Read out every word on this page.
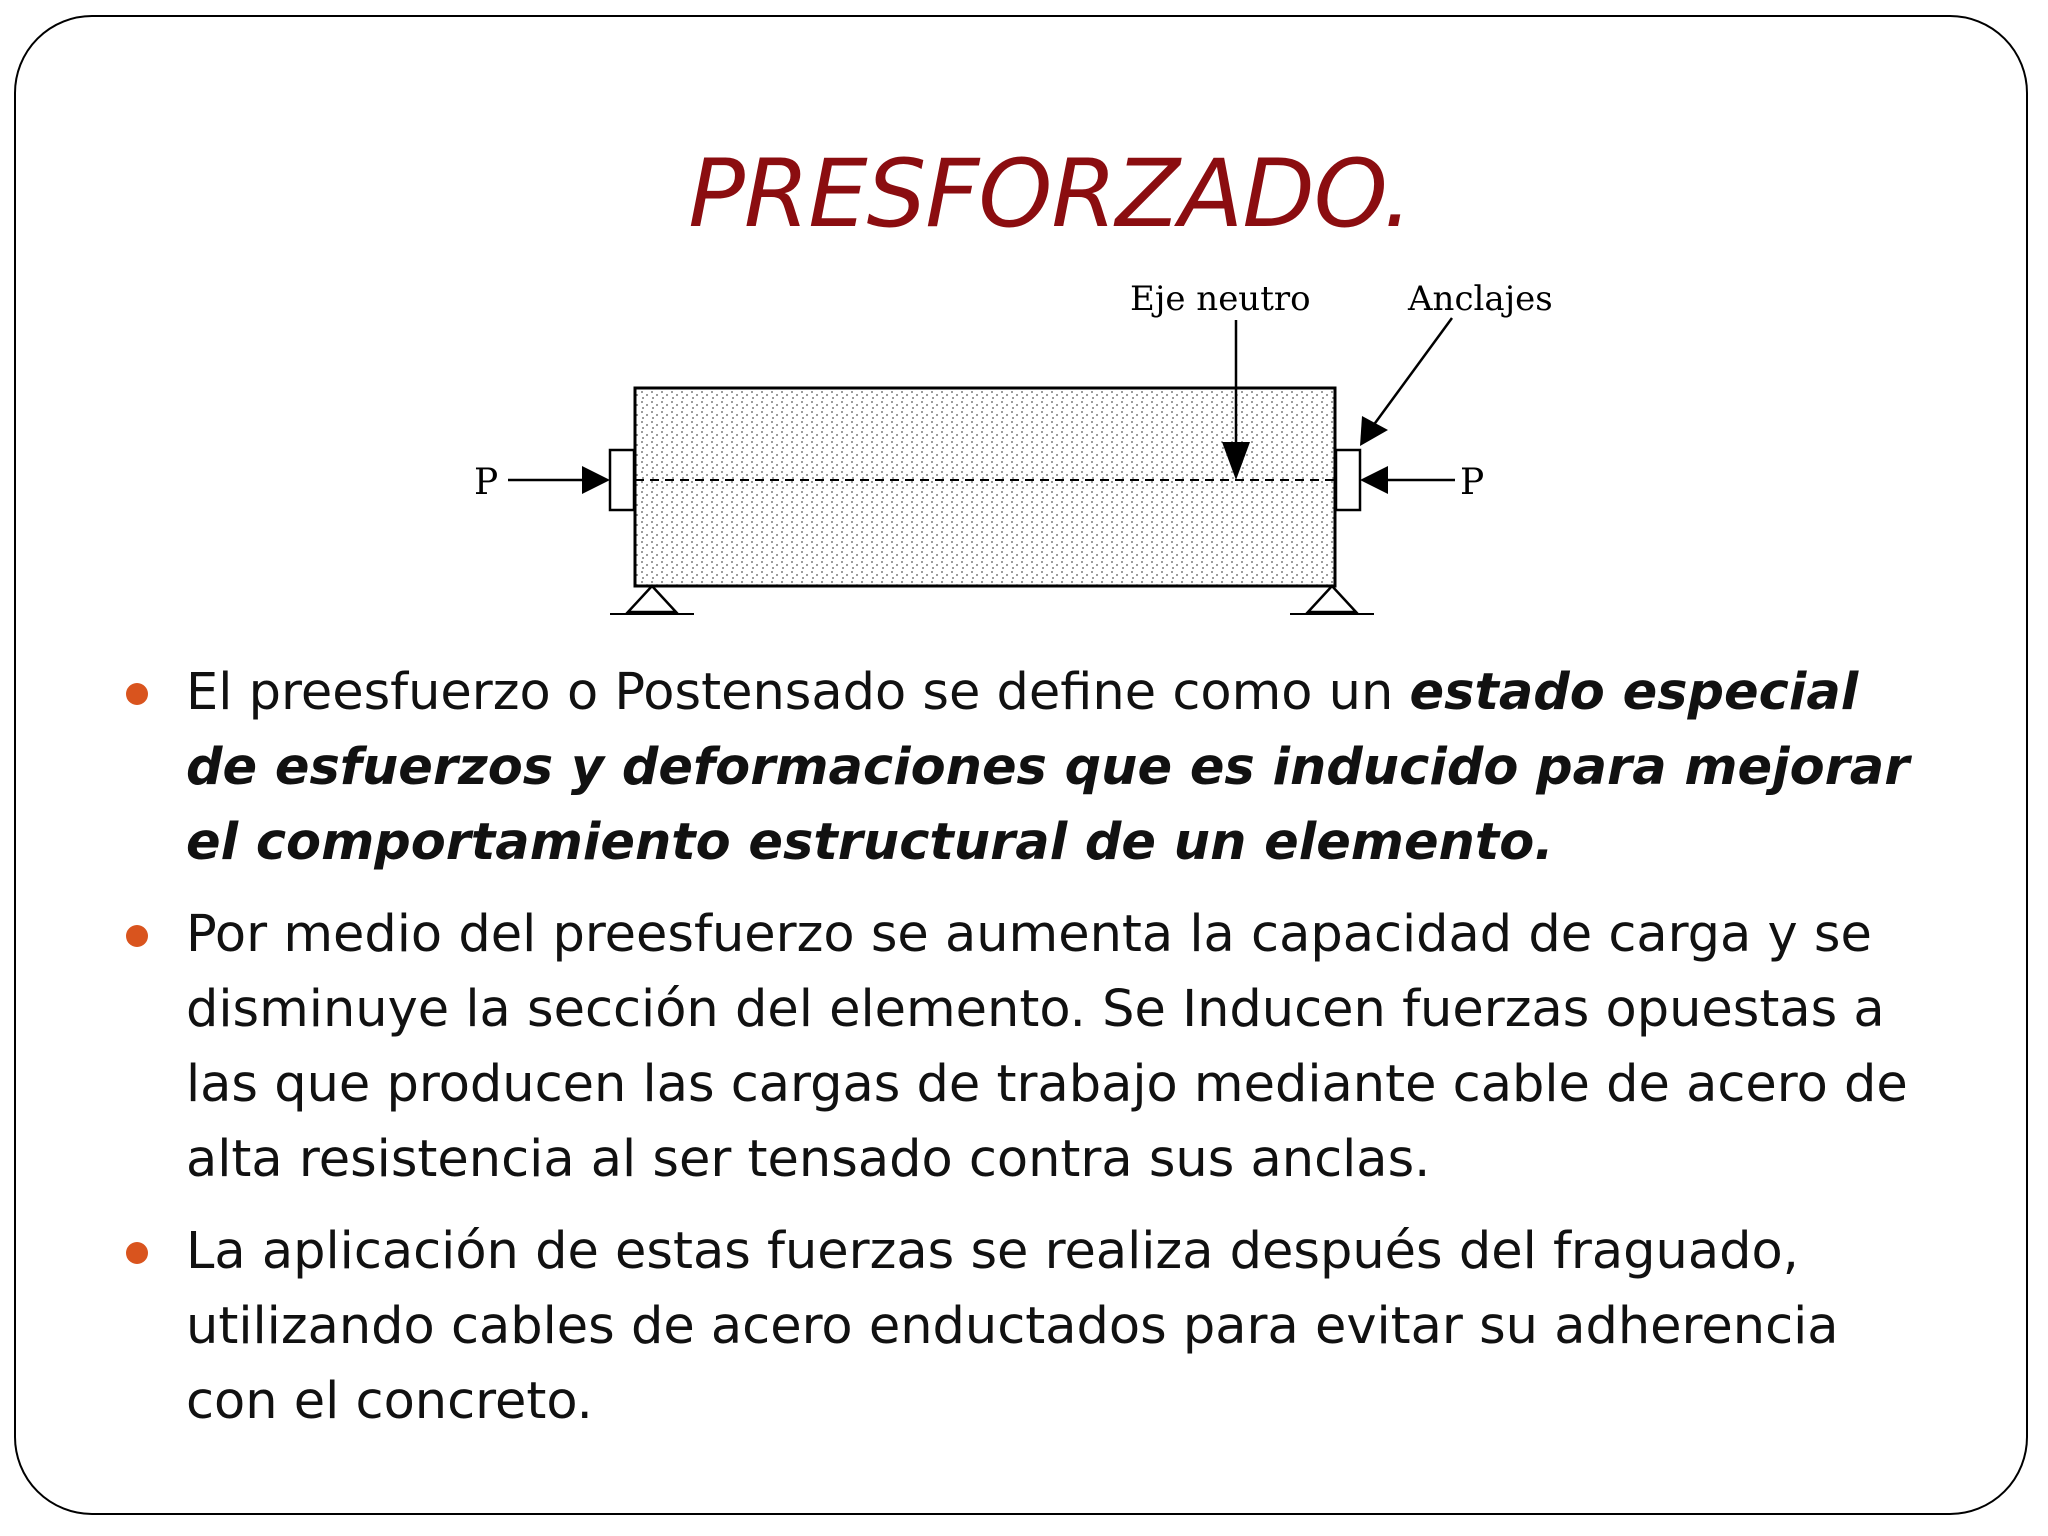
PRESFORZADO.
P	P
Eje neutro	Anclajes
El preesfuerzo o Postensado se define como un estado especial de esfuerzos y deformaciones que es inducido para mejorar el comportamiento estructural de un elemento.
Por medio del preesfuerzo se aumenta la capacidad de carga y se disminuye la sección del elemento. Se Inducen fuerzas opuestas a las que producen las cargas de trabajo mediante cable de acero de alta resistencia al ser tensado contra sus anclas.
La aplicación de estas fuerzas se realiza después del fraguado, utilizando cables de acero enductados para evitar su adherencia con el concreto.
